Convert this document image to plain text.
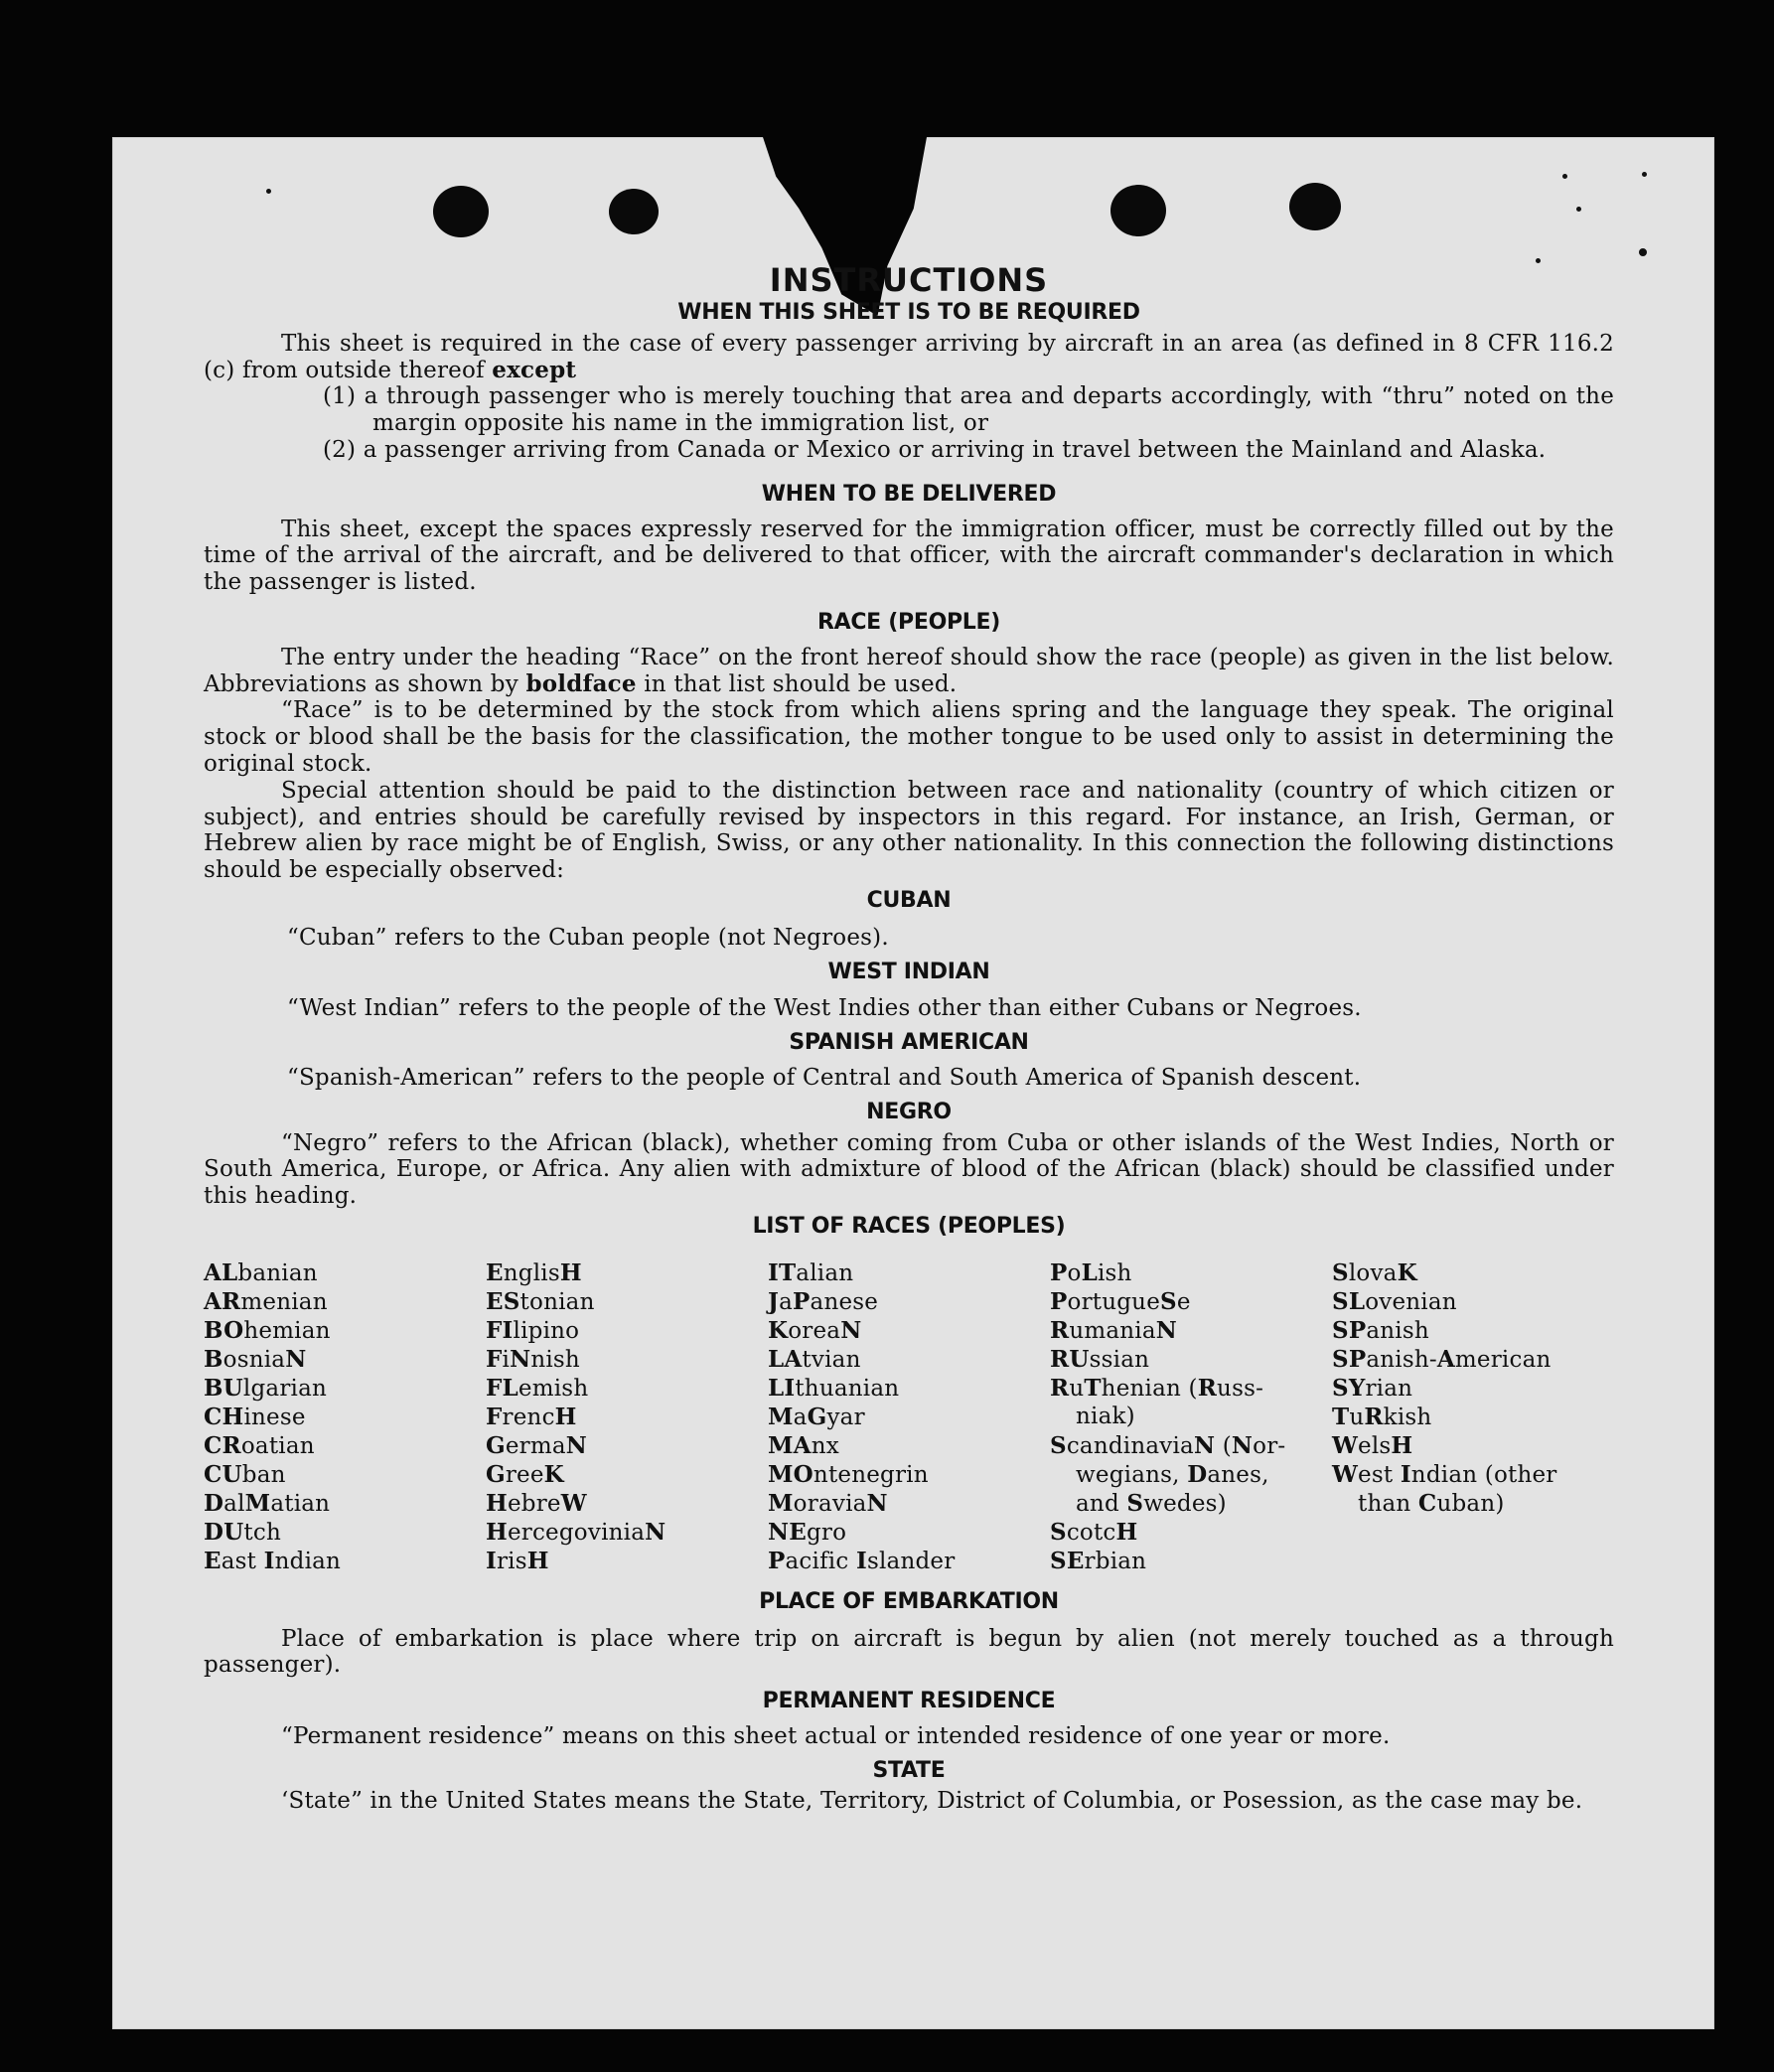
INSTRUCTIONS
WHEN THIS SHEET IS TO BE REQUIRED

This sheet is required in the case of every passenger arriving by aircraft in an area (as defined in 8 CFR 116.2 (c) from outside thereof except

(1) a through passenger who is merely touching that area and departs accordingly, with “thru” noted on the margin opposite his name in the immigration list, or

(2) a passenger arriving from Canada or Mexico or arriving in travel between the Mainland and Alaska.

WHEN TO BE DELIVERED

This sheet, except the spaces expressly reserved for the immigration officer, must be correctly filled out by the time of the arrival of the aircraft, and be delivered to that officer, with the aircraft commander's declaration in which the passenger is listed.

RACE (PEOPLE)

The entry under the heading “Race” on the front hereof should show the race (people) as given in the list below. Abbreviations as shown by boldface in that list should be used.

“Race” is to be determined by the stock from which aliens spring and the language they speak. The original stock or blood shall be the basis for the classification, the mother tongue to be used only to assist in determining the original stock.

Special attention should be paid to the distinction between race and nationality (country of which citizen or subject), and entries should be carefully revised by inspectors in this regard. For instance, an Irish, German, or Hebrew alien by race might be of English, Swiss, or any other nationality. In this connection the following distinctions should be especially observed:

CUBAN

“Cuban” refers to the Cuban people (not Negroes).

WEST INDIAN

“West Indian” refers to the people of the West Indies other than either Cubans or Negroes.

SPANISH AMERICAN

“Spanish-American” refers to the people of Central and South America of Spanish descent.

NEGRO

“Negro” refers to the African (black), whether coming from Cuba or other islands of the West Indies, North or South America, Europe, or Africa. Any alien with admixture of blood of the African (black) should be classified under this heading.

LIST OF RACES (PEOPLES)
ALbanian
ARmenian
BOhemian
BosniaN
BUlgarian
CHinese
CRoatian
CUban
DalMatian
DUtch
East Indian
EnglisH
EStonian
FIlipino
FiNnish
FLemish
FrencH
GermaN
GreeK
HebreW
HercegoviniaN
IrisH
ITalian
JaPanese
KoreaN
LAtvian
LIthuanian
MaGyar
MAnx
MOntenegrin
MoraviaN
NEgro
Pacific Islander
PoLish
PortugueSe
RumaniaN
RUssian
RuThenian (Russ-
niak)
ScandinaviaN (Nor-
wegians, Danes,
and Swedes)
ScotcH
SErbian
SlovaK
SLovenian
SPanish
SPanish-American
SYrian
TuRkish
WelsH
West Indian (other
than Cuban)
PLACE OF EMBARKATION

Place of embarkation is place where trip on aircraft is begun by alien (not merely touched as a through passenger).

PERMANENT RESIDENCE

“Permanent residence” means on this sheet actual or intended residence of one year or more.

STATE

‘State” in the United States means the State, Territory, District of Columbia, or Posession, as the case may be.
